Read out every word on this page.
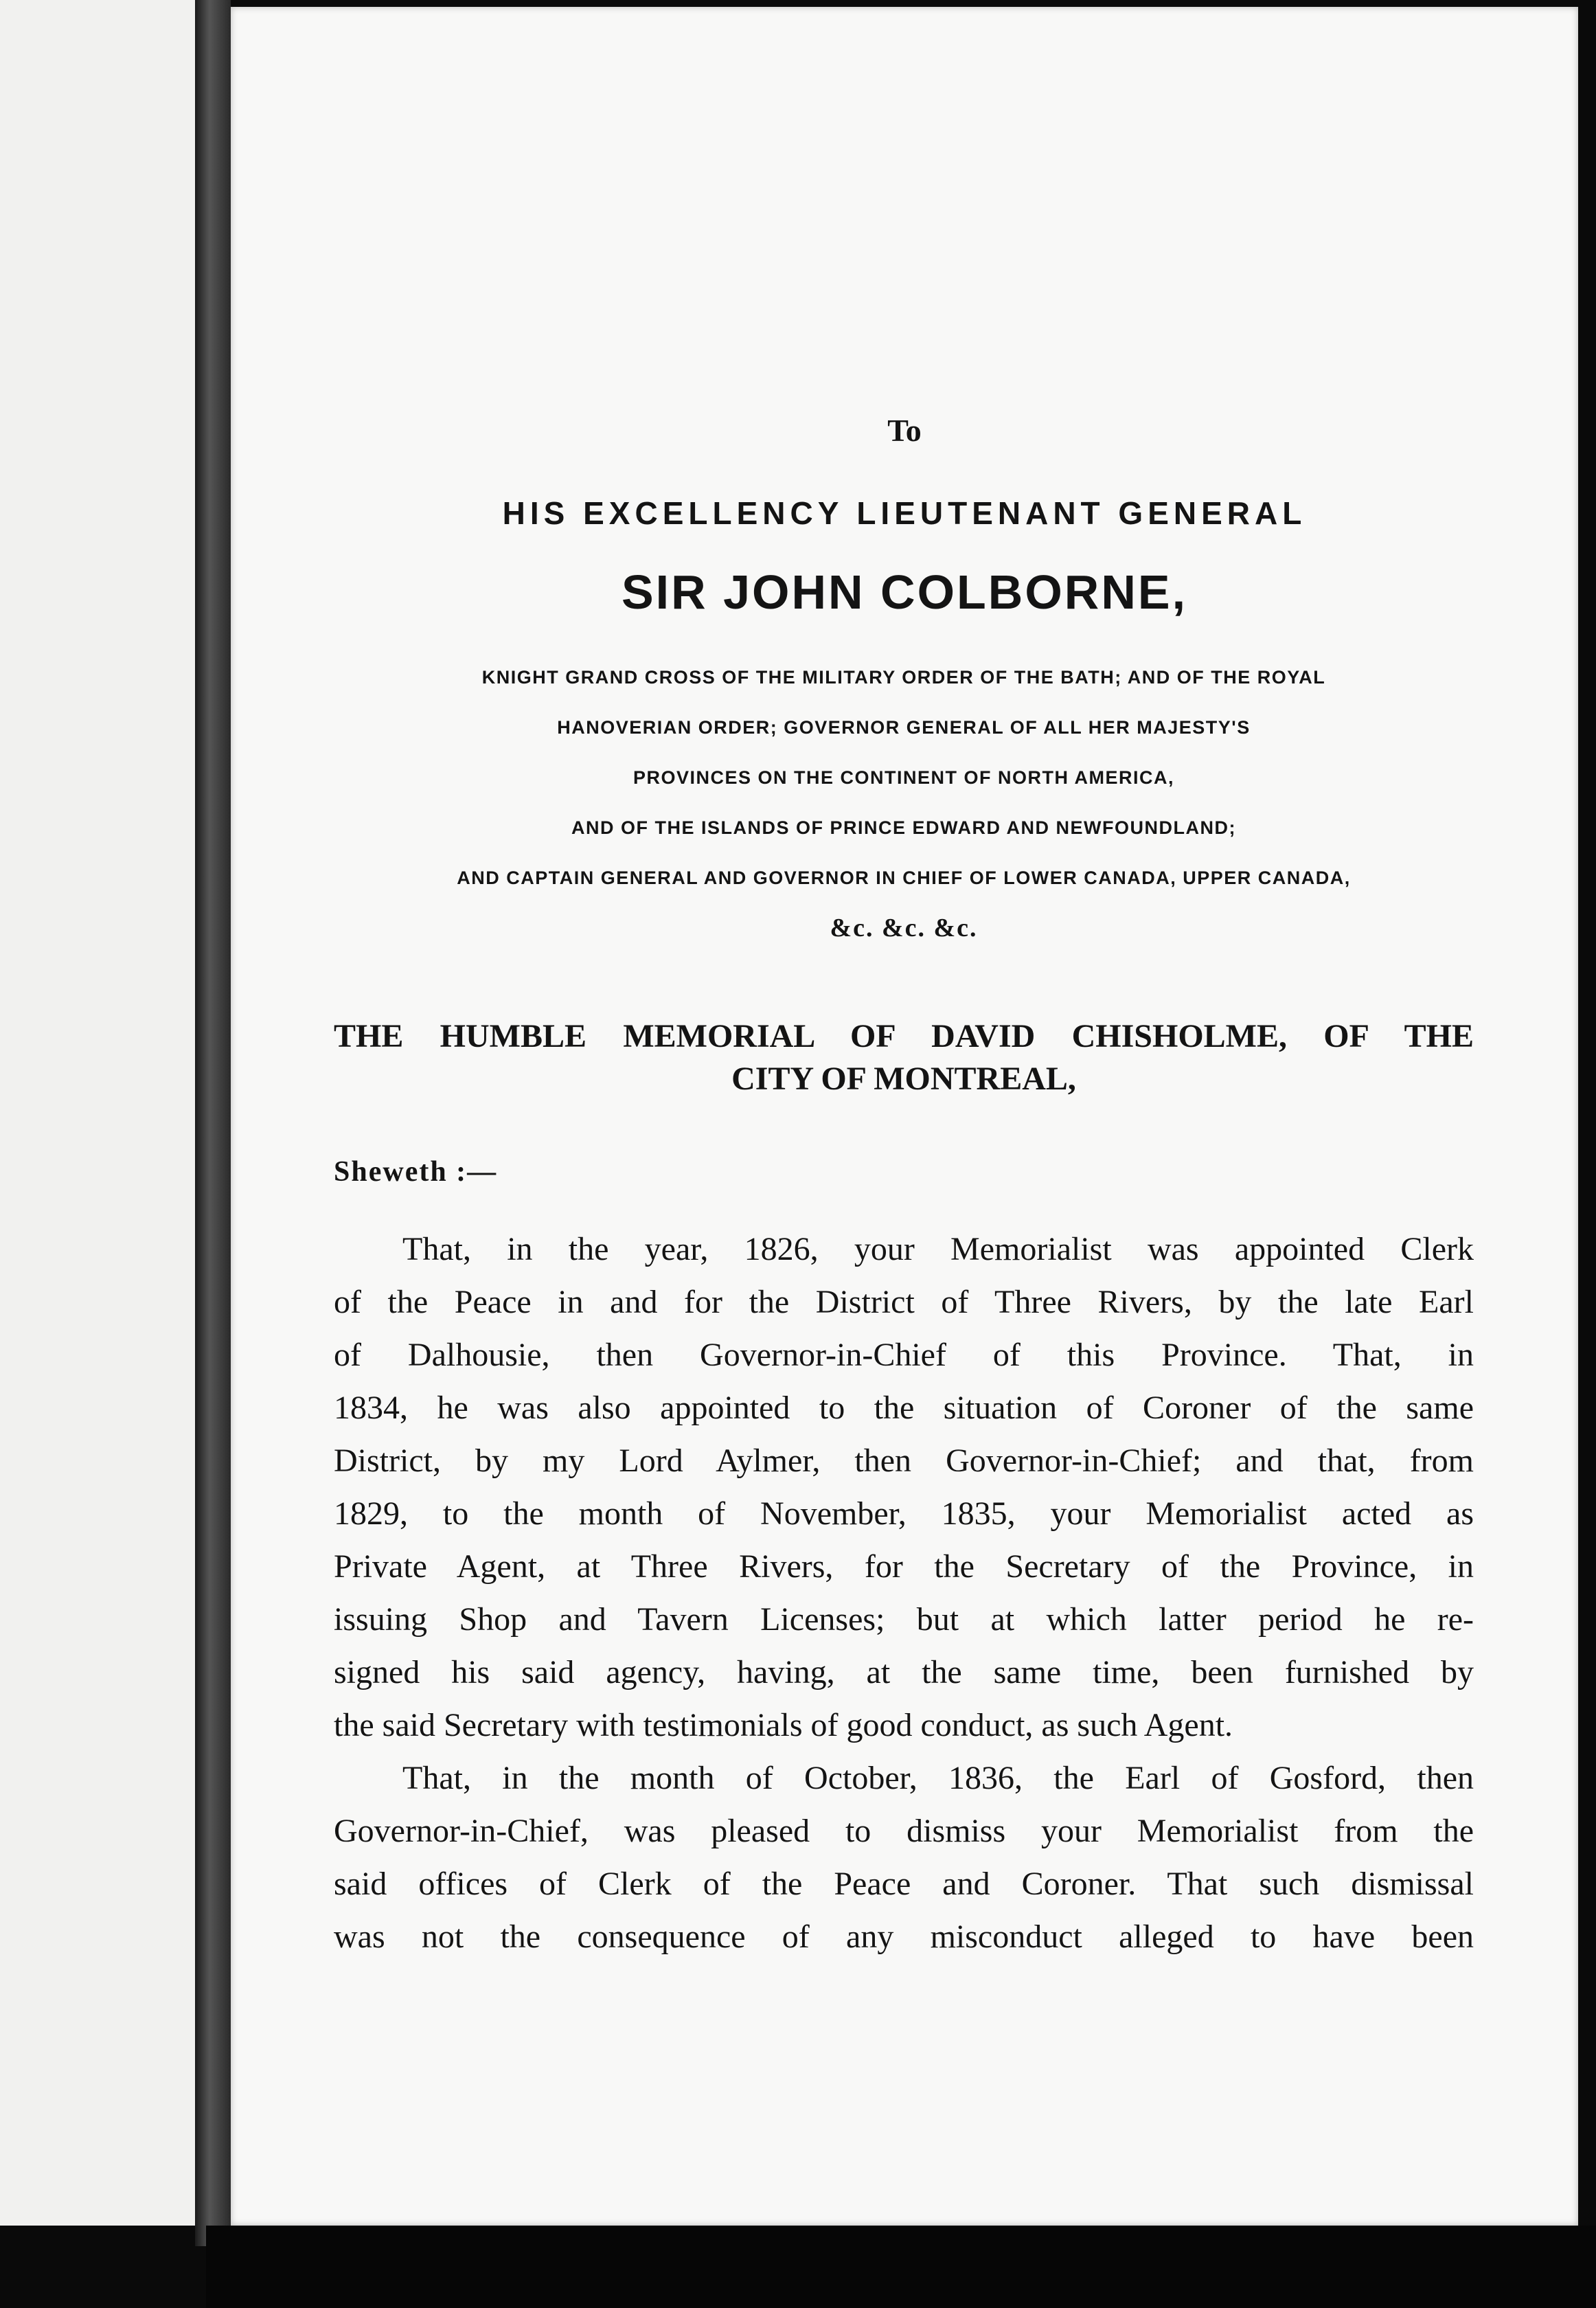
To
HIS EXCELLENCY LIEUTENANT GENERAL
SIR JOHN COLBORNE,
KNIGHT GRAND CROSS OF THE MILITARY ORDER OF THE BATH; AND OF THE ROYAL
HANOVERIAN ORDER; GOVERNOR GENERAL OF ALL HER MAJESTY'S
PROVINCES ON THE CONTINENT OF NORTH AMERICA,
AND OF THE ISLANDS OF PRINCE EDWARD AND NEWFOUNDLAND;
AND CAPTAIN GENERAL AND GOVERNOR IN CHIEF OF LOWER CANADA, UPPER CANADA,
&c. &c. &c.
THE HUMBLE MEMORIAL OF DAVID CHISHOLME, OF THE
CITY OF MONTREAL,
Sheweth :—
That, in the year, 1826, your Memorialist was appointed Clerk
of the Peace in and for the District of Three Rivers, by the late Earl
of Dalhousie, then Governor-in-Chief of this Province. That, in
1834, he was also appointed to the situation of Coroner of the same
District, by my Lord Aylmer, then Governor-in-Chief; and that, from
1829, to the month of November, 1835, your Memorialist acted as
Private Agent, at Three Rivers, for the Secretary of the Province, in
issuing Shop and Tavern Licenses; but at which latter period he re-
signed his said agency, having, at the same time, been furnished by
the said Secretary with testimonials of good conduct, as such Agent.
That, in the month of October, 1836, the Earl of Gosford, then
Governor-in-Chief, was pleased to dismiss your Memorialist from the
said offices of Clerk of the Peace and Coroner. That such dismissal
was not the consequence of any misconduct alleged to have been
